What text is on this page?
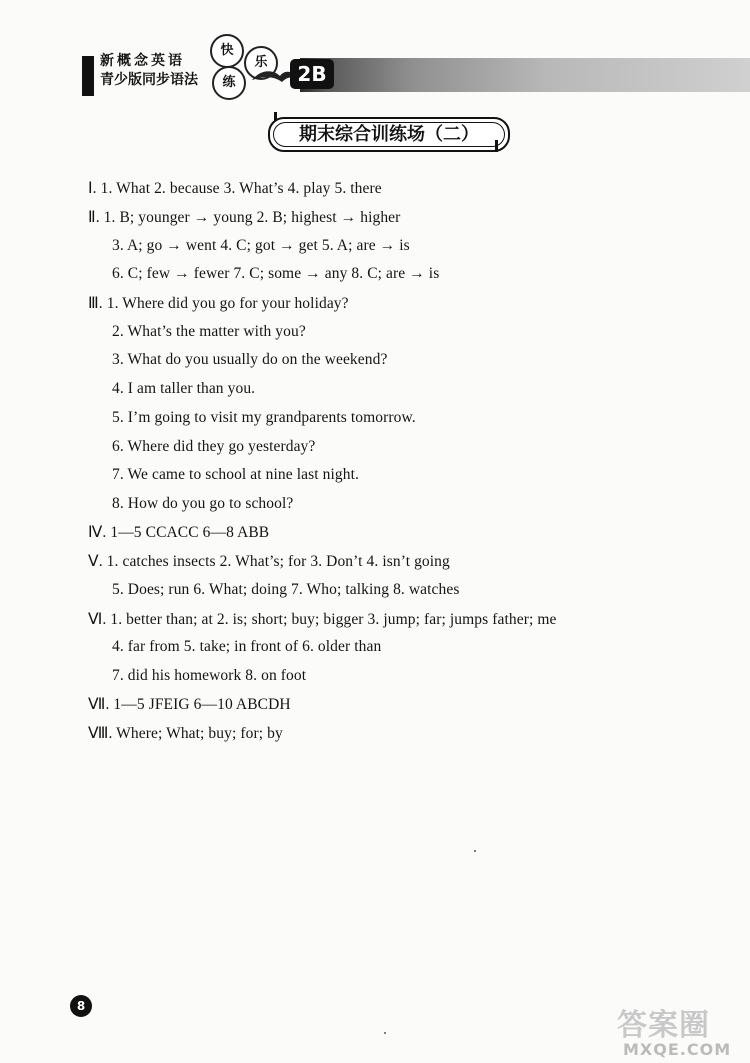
新概念英语
青少版同步语法
快
乐
练	2B
期末综合训练场（二）
Ⅰ. 1. What 2. because 3. What’s 4. play 5. there
Ⅱ. 1. B; younger → young 2. B; highest → higher
3. A; go → went 4. C; got → get 5. A; are → is
6. C; few → fewer 7. C; some → any 8. C; are → is
Ⅲ. 1. Where did you go for your holiday?
2. What’s the matter with you?
3. What do you usually do on the weekend?
4. I am taller than you.
5. I’m going to visit my grandparents tomorrow.
6. Where did they go yesterday?
7. We came to school at nine last night.
8. How do you go to school?
Ⅳ. 1—5 CCACC 6—8 ABB
Ⅴ. 1. catches insects 2. What’s; for 3. Don’t 4. isn’t going
5. Does; run 6. What; doing 7. Who; talking 8. watches
Ⅵ. 1. better than; at 2. is; short; buy; bigger 3. jump; far; jumps father; me
4. far from 5. take; in front of 6. older than
7. did his homework 8. on foot
Ⅶ. 1—5 JFEIG 6—10 ABCDH
Ⅷ. Where; What; buy; for; by
8
答案圈
MXQE.COM
